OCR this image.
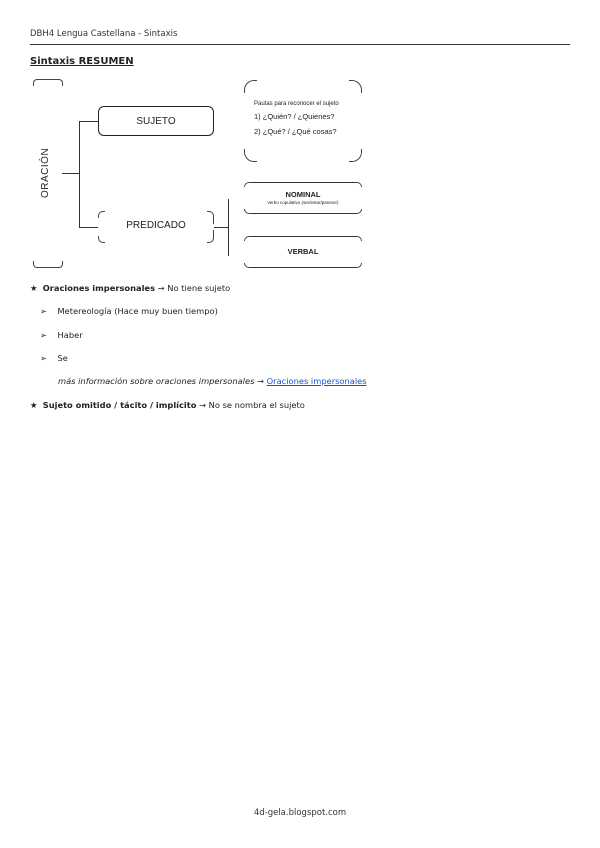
DBH4 Lengua Castellana - Sintaxis
Sintaxis RESUMEN
ORACIÓN
SUJETO
PREDICADO
Pautas para reconocer el sujeto
1) ¿Quién? / ¿Quienes?
2) ¿Qué? / ¿Qué cosas?
NOMINAL
verbo copulativo (ser/estar/parecer)
VERBAL
★ Oraciones impersonales → No tiene sujeto
➢ Metereología (Hace muy buen tiempo)
➢ Haber
➢ Se
más información sobre oraciones impersonales → Oraciones impersonales
★ Sujeto omitido / tácito / implícito → No se nombra el sujeto
4d-gela.blogspot.com
